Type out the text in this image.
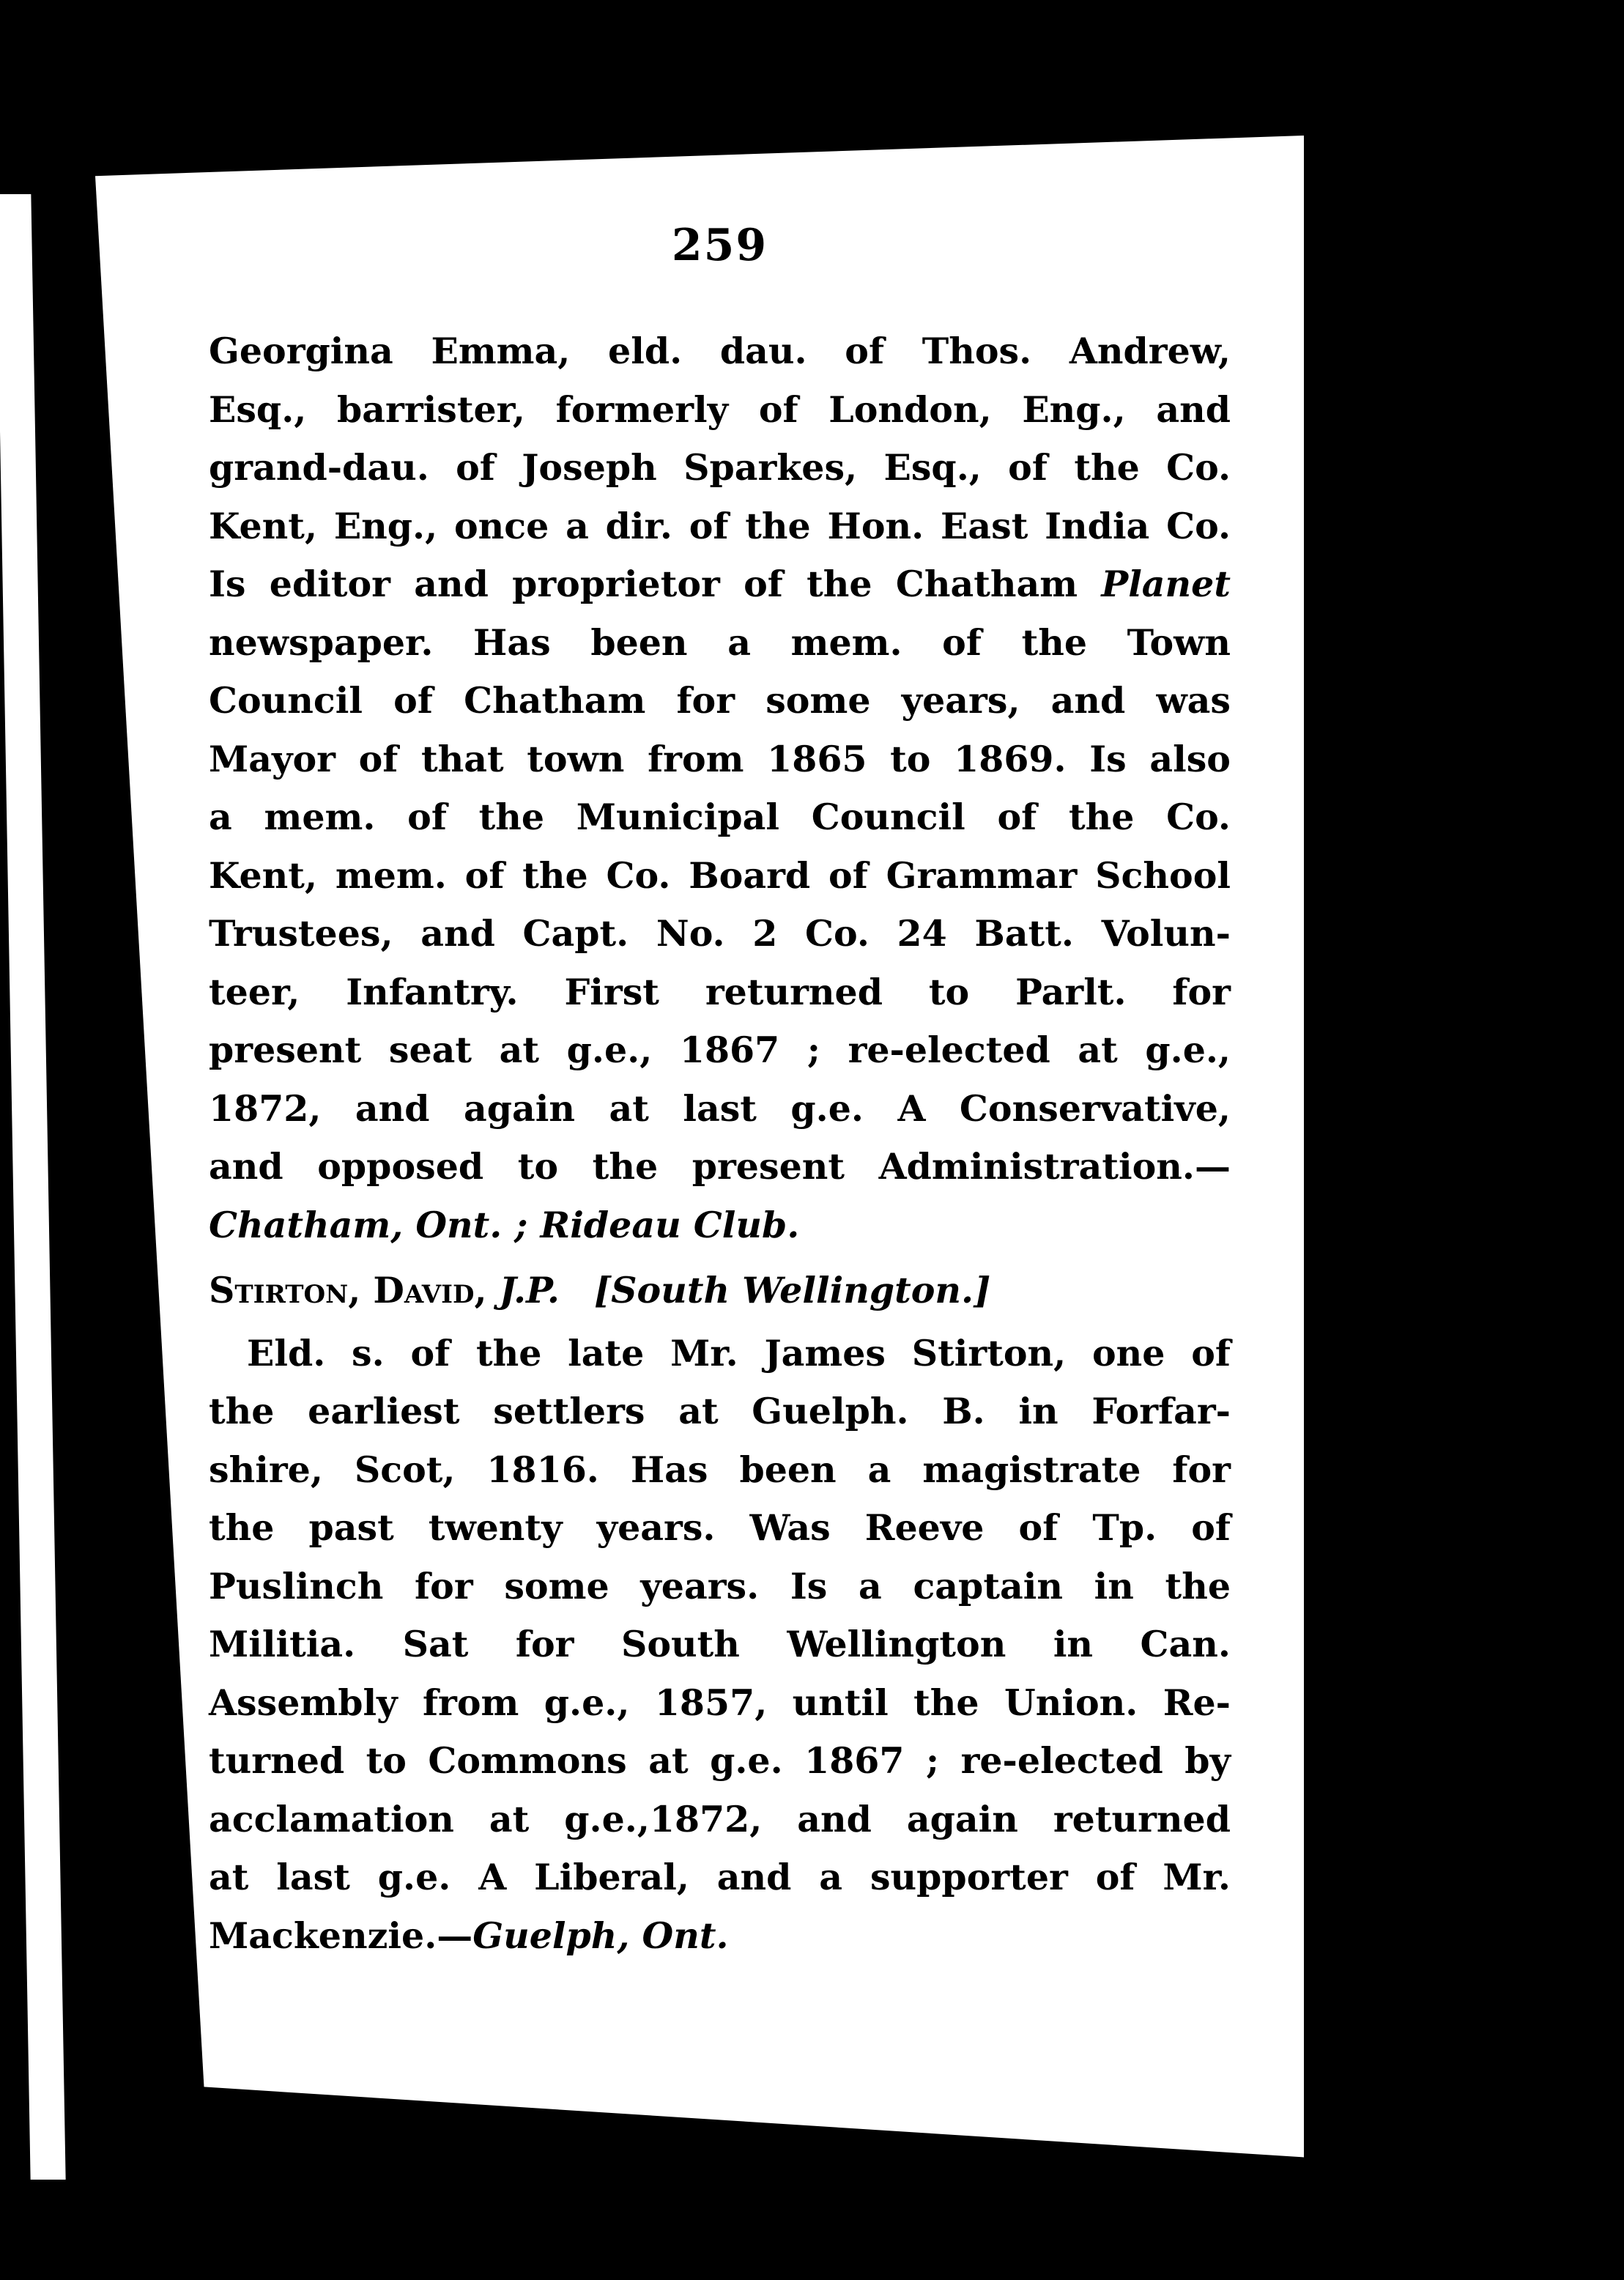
259
Georgina Emma, eld. dau. of Thos. Andrew,
Esq., barrister, formerly of London, Eng., and
grand-dau. of Joseph Sparkes, Esq., of the Co.
Kent, Eng., once a dir. of the Hon. East India Co.
Is editor and proprietor of the Chatham Planet
newspaper. Has been a mem. of the Town
Council of Chatham for some years, and was
Mayor of that town from 1865 to 1869. Is also
a mem. of the Municipal Council of the Co.
Kent, mem. of the Co. Board of Grammar School
Trustees, and Capt. No. 2 Co. 24 Batt. Volun-
teer, Infantry. First returned to Parlt. for
present seat at g.e., 1867 ; re-elected at g.e.,
1872, and again at last g.e. A Conservative,
and opposed to the present Administration.—
Chatham, Ont. ; Rideau Club.
Stirton, David, J.P. [South Wellington.]
Eld. s. of the late Mr. James Stirton, one of
the earliest settlers at Guelph. B. in Forfar-
shire, Scot, 1816. Has been a magistrate for
the past twenty years. Was Reeve of Tp. of
Puslinch for some years. Is a captain in the
Militia. Sat for South Wellington in Can.
Assembly from g.e., 1857, until the Union. Re-
turned to Commons at g.e. 1867 ; re-elected by
acclamation at g.e.,1872, and again returned
at last g.e. A Liberal, and a supporter of Mr.
Mackenzie.—Guelph, Ont.
